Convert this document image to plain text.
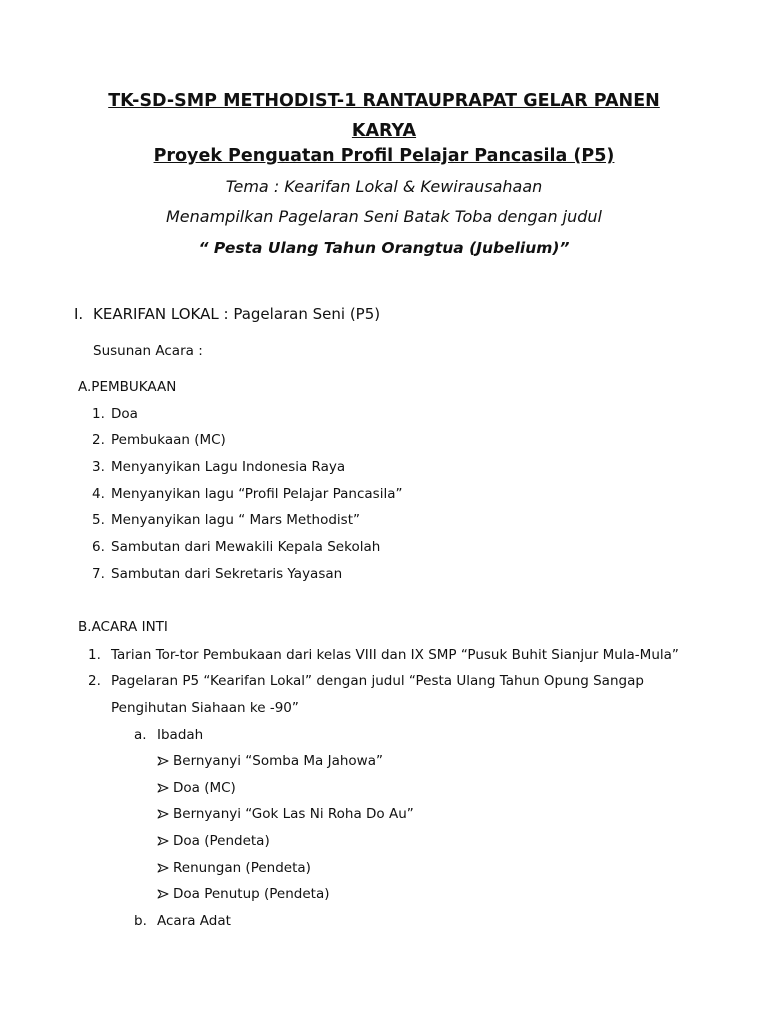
TK-SD-SMP METHODIST-1 RANTAUPRAPAT GELAR PANEN KARYA
Proyek Penguatan Profil Pelajar Pancasila (P5)
Tema : Kearifan Lokal & Kewirausahaan
Menampilkan Pagelaran Seni Batak Toba dengan judul
“ Pesta Ulang Tahun Orangtua (Jubelium)”
I. KEARIFAN LOKAL : Pagelaran Seni (P5)
Susunan Acara :
A.PEMBUKAAN
1. Doa
2. Pembukaan (MC)
3. Menyanyikan Lagu Indonesia Raya
4. Menyanyikan lagu “Profil Pelajar Pancasila”
5. Menyanyikan lagu “ Mars Methodist”
6. Sambutan dari Mewakili Kepala Sekolah
7. Sambutan dari Sekretaris Yayasan
B.ACARA INTI
1. Tarian Tor-tor Pembukaan dari kelas VIII dan IX SMP “Pusuk Buhit Sianjur Mula-Mula”
2. Pagelaran P5 “Kearifan Lokal” dengan judul “Pesta Ulang Tahun Opung Sangap
Pengihutan Siahaan ke -90”
a. Ibadah
Bernyanyi “Somba Ma Jahowa”
Doa (MC)
Bernyanyi “Gok Las Ni Roha Do Au”
Doa (Pendeta)
Renungan (Pendeta)
Doa Penutup (Pendeta)
b. Acara Adat
